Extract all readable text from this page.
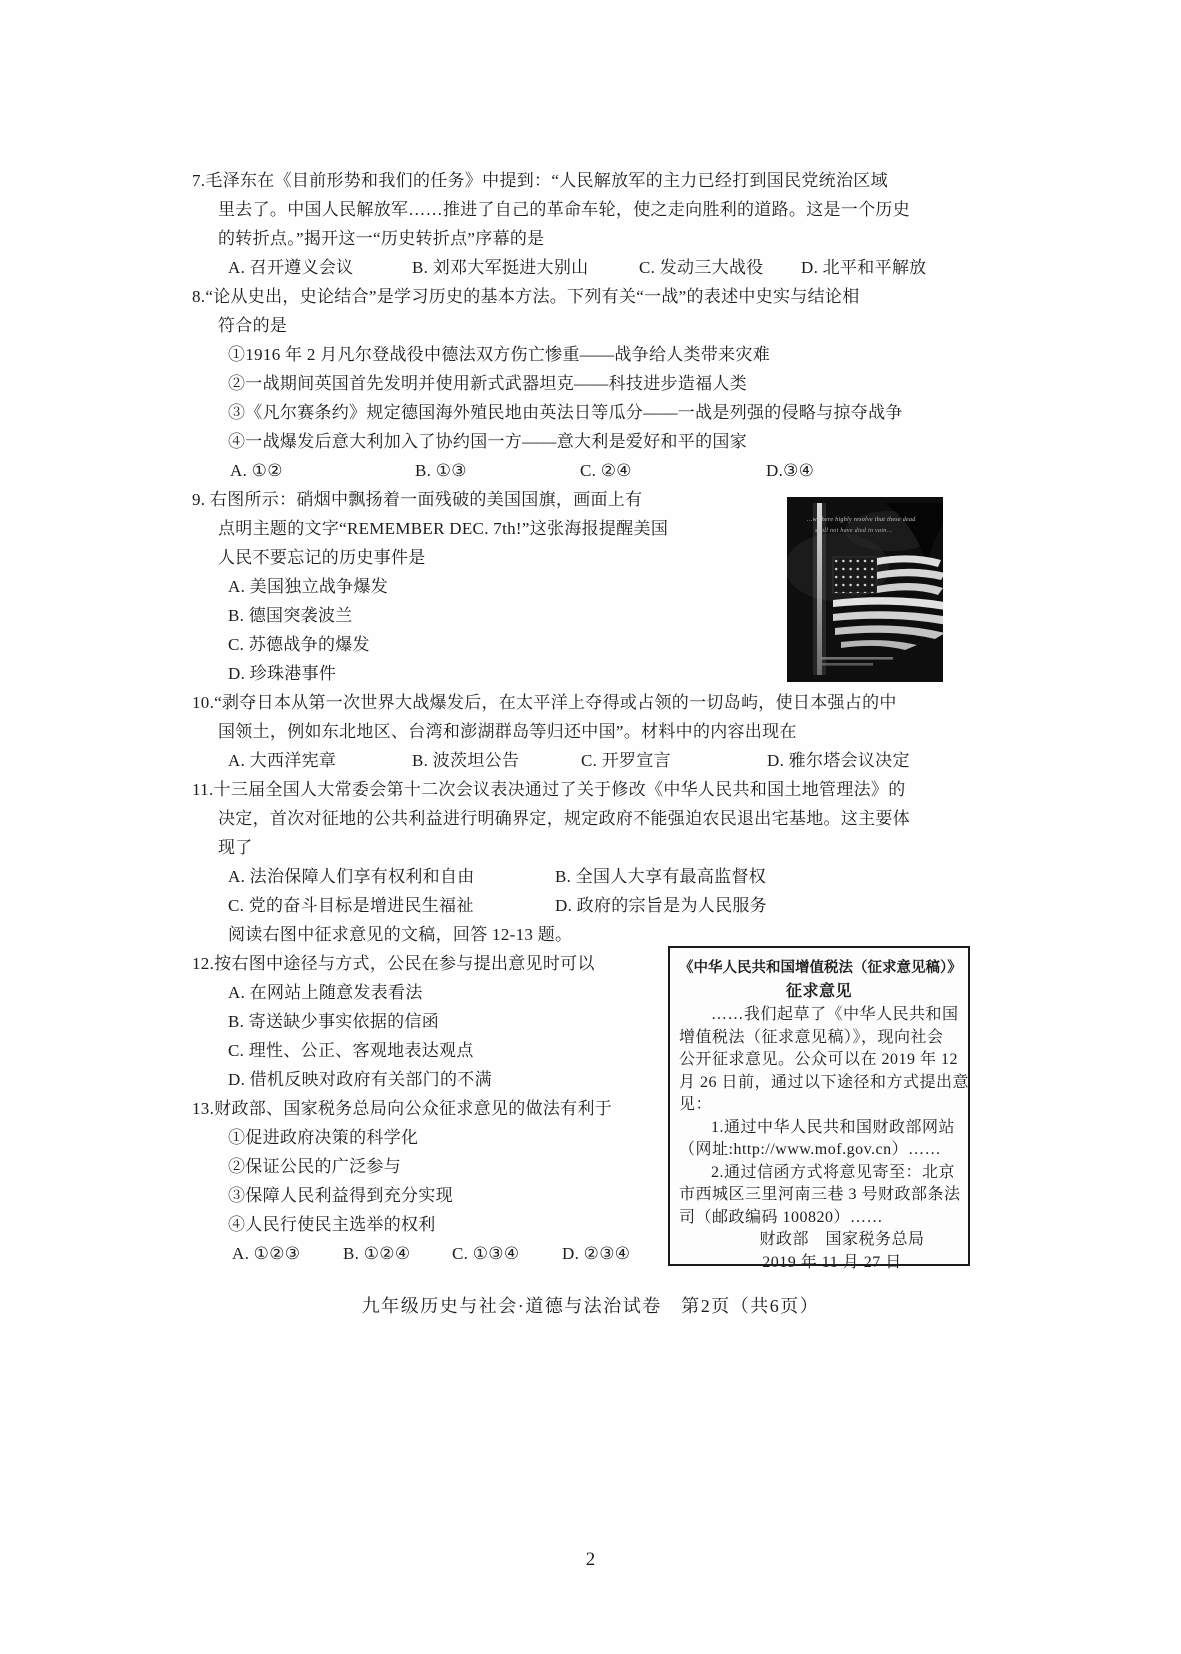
7.毛泽东在《目前形势和我们的任务》中提到：“人民解放军的主力已经打到国民党统治区域
里去了。中国人民解放军……推进了自己的革命车轮，使之走向胜利的道路。这是一个历史
的转折点。”揭开这一“历史转折点”序幕的是
A. 召开遵义会议	B. 刘邓大军挺进大别山	C. 发动三大战役	D. 北平和平解放
8.“论从史出，史论结合”是学习历史的基本方法。下列有关“一战”的表述中史实与结论相
符合的是
①1916 年 2 月凡尔登战役中德法双方伤亡惨重——战争给人类带来灾难
②一战期间英国首先发明并使用新式武器坦克——科技进步造福人类
③《凡尔赛条约》规定德国海外殖民地由英法日等瓜分——一战是列强的侵略与掠夺战争
④一战爆发后意大利加入了协约国一方——意大利是爱好和平的国家
A. ①②	B. ①③	C. ②④	D.③④
9. 右图所示：硝烟中飘扬着一面残破的美国国旗，画面上有
点明主题的文字“REMEMBER DEC. 7th!”这张海报提醒美国
人民不要忘记的历史事件是
A. 美国独立战争爆发
B. 德国突袭波兰
C. 苏德战争的爆发
D. 珍珠港事件
…we here highly resolve that these dead
shall not have died in vain…
10.“剥夺日本从第一次世界大战爆发后，在太平洋上夺得或占领的一切岛屿，使日本强占的中
国领土，例如东北地区、台湾和澎湖群岛等归还中国”。材料中的内容出现在
A. 大西洋宪章	B. 波茨坦公告	C. 开罗宣言	D. 雅尔塔会议决定
11.十三届全国人大常委会第十二次会议表决通过了关于修改《中华人民共和国土地管理法》的
决定，首次对征地的公共利益进行明确界定，规定政府不能强迫农民退出宅基地。这主要体
现了
A. 法治保障人们享有权利和自由	B. 全国人大享有最高监督权
C. 党的奋斗目标是增进民生福祉	D. 政府的宗旨是为人民服务
阅读右图中征求意见的文稿，回答 12-13 题。
12.按右图中途径与方式，公民在参与提出意见时可以
A. 在网站上随意发表看法
B. 寄送缺少事实依据的信函
C. 理性、公正、客观地表达观点
D. 借机反映对政府有关部门的不满
13.财政部、国家税务总局向公众征求意见的做法有利于
①促进政府决策的科学化
②保证公民的广泛参与
③保障人民利益得到充分实现
④人民行使民主选举的权利
A. ①②③	B. ①②④	C. ①③④	D. ②③④
《中华人民共和国增值税法（征求意见稿）》
征求意见
……我们起草了《中华人民共和国
增值税法（征求意见稿）》，现向社会
公开征求意见。公众可以在 2019 年 12
月 26 日前，通过以下途径和方式提出意
见：
1.通过中华人民共和国财政部网站
（网址:http://www.mof.gov.cn）……
2.通过信函方式将意见寄至：北京
市西城区三里河南三巷 3 号财政部条法
司（邮政编码 100820）……
财政部　国家税务总局
2019 年 11 月 27 日
九年级历史与社会·道德与法治试卷　第2页（共6页）
2
